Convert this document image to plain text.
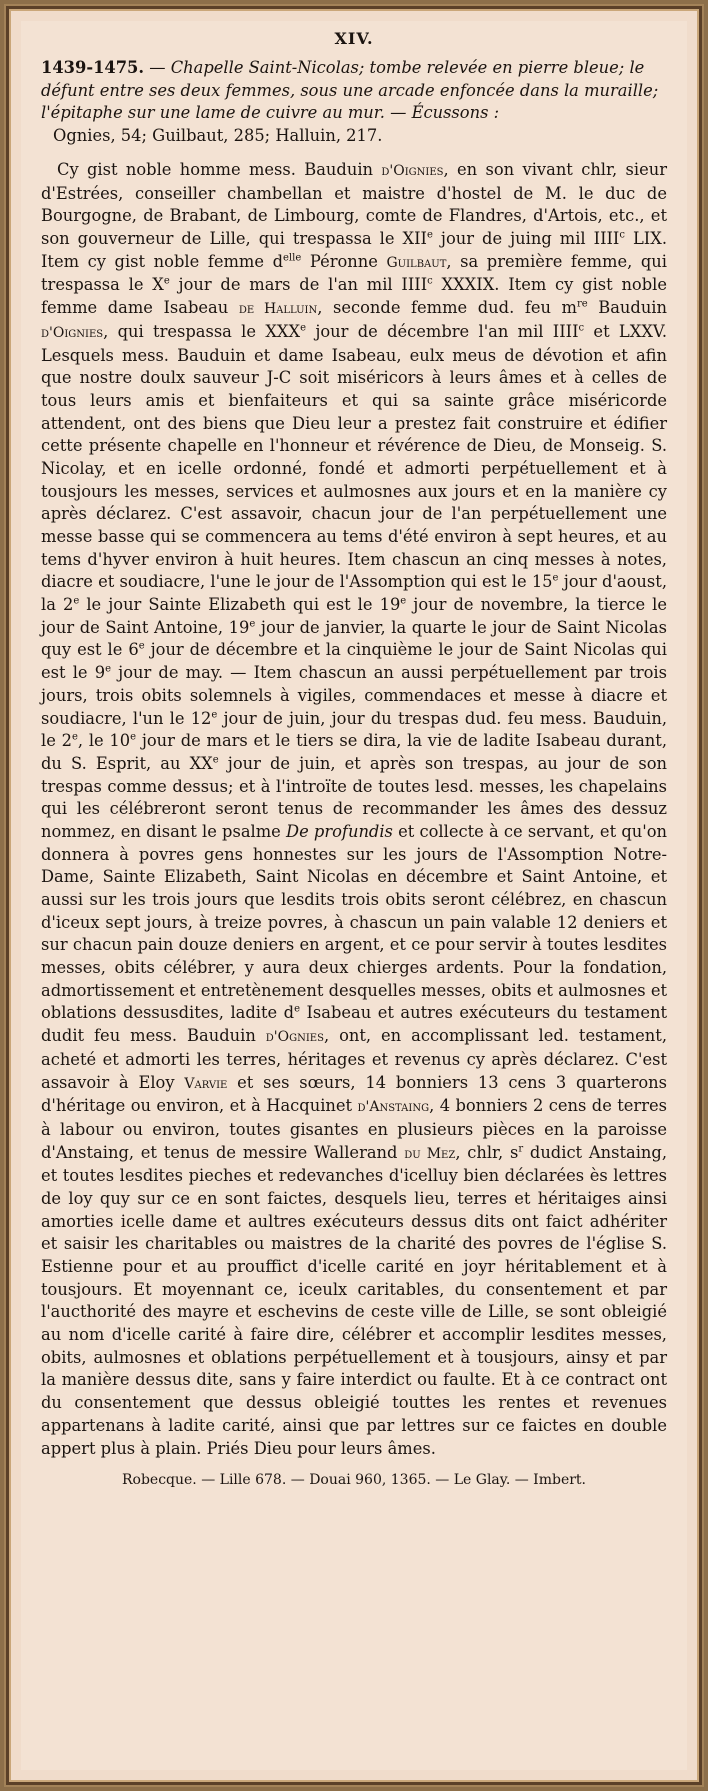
XIV.
1439-1475. — Chapelle Saint-Nicolas; tombe relevée en pierre bleue; le défunt entre ses deux femmes, sous une arcade enfoncée dans la muraille; l'épitaphe sur une lame de cuivre au mur. — Écussons :
Ognies, 54; Guilbaut, 285; Halluin, 217.

Cy gist noble homme mess. Bauduin d'Oignies, en son vivant chlr, sieur d'Estrées, conseiller chambellan et maistre d'hostel de M. le duc de Bourgogne, de Brabant, de Limbourg, comte de Flandres, d'Artois, etc., et son gouverneur de Lille, qui trespassa le XIIe jour de juing mil IIII$^c$ LIX. Item cy gist noble femme $d^{elle}$ Péronne Guilbaut, sa première femme, qui trespassa le Xe jour de mars de l'an mil IIII$^c$ XXXIX. Item cy gist noble femme dame Isabeau de Halluin, seconde femme dud. feu $m^{re}$ Bauduin d'Oignies, qui trespassa le XXXe jour de décembre l'an mil IIII$^c$ et LXXV. Lesquels mess. Bauduin et dame Isabeau, eulx meus de dévotion et afin que nostre doulx sauveur J-C soit miséricors à leurs âmes et à celles de tous leurs amis et bienfaiteurs et qui sa sainte grâce miséricorde attendent, ont des biens que Dieu leur a prestez fait construire et édifier cette présente chapelle en l'honneur et révérence de Dieu, de Monseig. S. Nicolay, et en icelle ordonné, fondé et admorti perpétuellement et à tousjours les messes, services et aulmosnes aux jours et en la manière cy après déclarez. C'est assavoir, chacun jour de l'an perpétuellement une messe basse qui se commencera au tems d'été environ à sept heures, et au tems d'hyver environ à huit heures. Item chascun an cinq messes à notes, diacre et soudiacre, l'une le jour de l'Assomption qui est le 15e jour d'aoust, la 2e le jour Sainte Elizabeth qui est le 19e jour de novembre, la tierce le jour de Saint Antoine, 19e jour de janvier, la quarte le jour de Saint Nicolas quy est le 6e jour de décembre et la cinquième le jour de Saint Nicolas qui est le 9e jour de may. — Item chascun an aussi perpétuellement par trois jours, trois obits solemnels à vigiles, commendaces et messe à diacre et soudiacre, l'un le 12e jour de juin, jour du trespas dud. feu mess. Bauduin, le 2e, le 10e jour de mars et le tiers se dira, la vie de ladite Isabeau durant, du S. Esprit, au XXe jour de juin, et après son trespas, au jour de son trespas comme dessus; et à l'introïte de toutes lesd. messes, les chapelains qui les célébreront seront tenus de recommander les âmes des dessuz nommez, en disant le psalme De profundis et collecte à ce servant, et qu'on donnera à povres gens honnestes sur les jours de l'Assomption Notre-Dame, Sainte Elizabeth, Saint Nicolas en décembre et Saint Antoine, et aussi sur les trois jours que lesdits trois obits seront célébrez, en chascun d'iceux sept jours, à treize povres, à chascun un pain valable 12 deniers et sur chacun pain douze deniers en argent, et ce pour servir à toutes lesdites messes, obits célébrer, y aura deux chierges ardents. Pour la fondation, admortissement et entretènement desquelles messes, obits et aulmosnes et oblations dessusdites, ladite $d^e$ Isabeau et autres exécuteurs du testament dudit feu mess. Bauduin d'Ognies, ont, en accomplissant led. testament, acheté et admorti les terres, héritages et revenus cy après déclarez. C'est assavoir à Eloy Varvie et ses sœurs, 14 bonniers 13 cens 3 quarterons d'héritage ou environ, et à Hacquinet d'Anstaing, 4 bonniers 2 cens de terres à labour ou environ, toutes gisantes en plusieurs pièces en la paroisse d'Anstaing, et tenus de messire Wallerand du Mez, chlr, $s^r$ dudict Anstaing, et toutes lesdites pieches et redevanches d'icelluy bien déclarées ès lettres de loy quy sur ce en sont faictes, desquels lieu, terres et héritaiges ainsi amorties icelle dame et aultres exécuteurs dessus dits ont faict adhériter et saisir les charitables ou maistres de la charité des povres de l'église S. Estienne pour et au prouffict d'icelle carité en joyr héritablement et à tousjours. Et moyennant ce, iceulx caritables, du consentement et par l'aucthorité des mayre et eschevins de ceste ville de Lille, se sont obleigié au nom d'icelle carité à faire dire, célébrer et accomplir lesdites messes, obits, aulmosnes et oblations perpétuellement et à tousjours, ainsy et par la manière dessus dite, sans y faire interdict ou faulte. Et à ce contract ont du consentement que dessus obleigié touttes les rentes et revenues appartenans à ladite carité, ainsi que par lettres sur ce faictes en double appert plus à plain. Priés Dieu pour leurs âmes.

Robecque. — Lille 678. — Douai 960, 1365. — Le Glay. — Imbert.
